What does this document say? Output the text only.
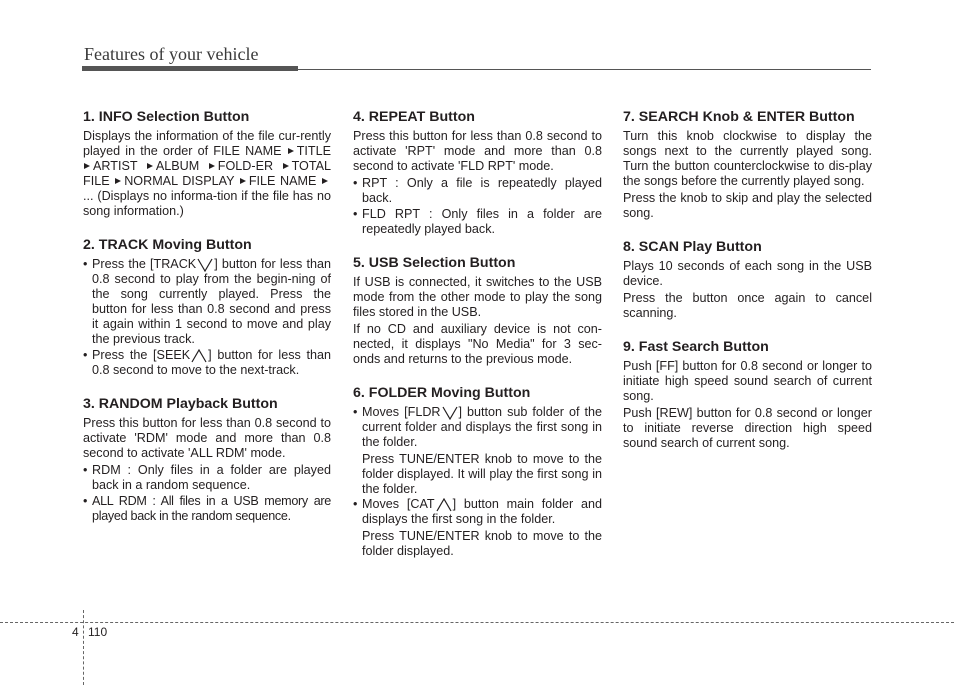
Features of your vehicle
1. INFO Selection Button

Displays the information of the file cur-rently played in the order of FILE NAME TITLE ARTIST ALBUM FOLD-ER TOTAL FILE NORMAL DISPLAY FILE NAME ... (Displays no informa-tion if the file has no song information.)

2. TRACK Moving Button
• Press the [TRACK ] button for less than 0.8 second to play from the begin-ning of the song currently played. Press the button for less than 0.8 second and press it again within 1 second to move and play the previous track.
• Press the [SEEK ] button for less than 0.8 second to move to the next-track.
3. RANDOM Playback Button

Press this button for less than 0.8 second to activate 'RDM' mode and more than 0.8 second to activate 'ALL RDM' mode.

• RDM : Only files in a folder are played back in a random sequence.
• ALL RDM : All files in a USB memory are played back in the random sequence.
4. REPEAT Button

Press this button for less than 0.8 second to activate 'RPT' mode and more than 0.8 second to activate 'FLD RPT' mode.

• RPT : Only a file is repeatedly played back.
• FLD RPT : Only files in a folder are repeatedly played back.
5. USB Selection Button

If USB is connected, it switches to the USB mode from the other mode to play the song files stored in the USB.

If no CD and auxiliary device is not con-nected, it displays "No Media" for 3 sec-onds and returns to the previous mode.

6. FOLDER Moving Button
• Moves [FLDR ] button sub folder of the current folder and displays the first song in the folder.
Press TUNE/ENTER knob to move to the folder displayed. It will play the first song in the folder.
• Moves [CAT ] button main folder and displays the first song in the folder.
Press TUNE/ENTER knob to move to the folder displayed.
7. SEARCH Knob & ENTER Button

Turn this knob clockwise to display the songs next to the currently played song. Turn the button counterclockwise to dis-play the songs before the currently played song.

Press the knob to skip and play the selected song.

8. SCAN Play Button

Plays 10 seconds of each song in the USB device.

Press the button once again to cancel scanning.

9. Fast Search Button

Push [FF] button for 0.8 second or longer to initiate high speed sound search of current song.

Push [REW] button for 0.8 second or longer to initiate reverse direction high speed sound search of current song.

4 110
